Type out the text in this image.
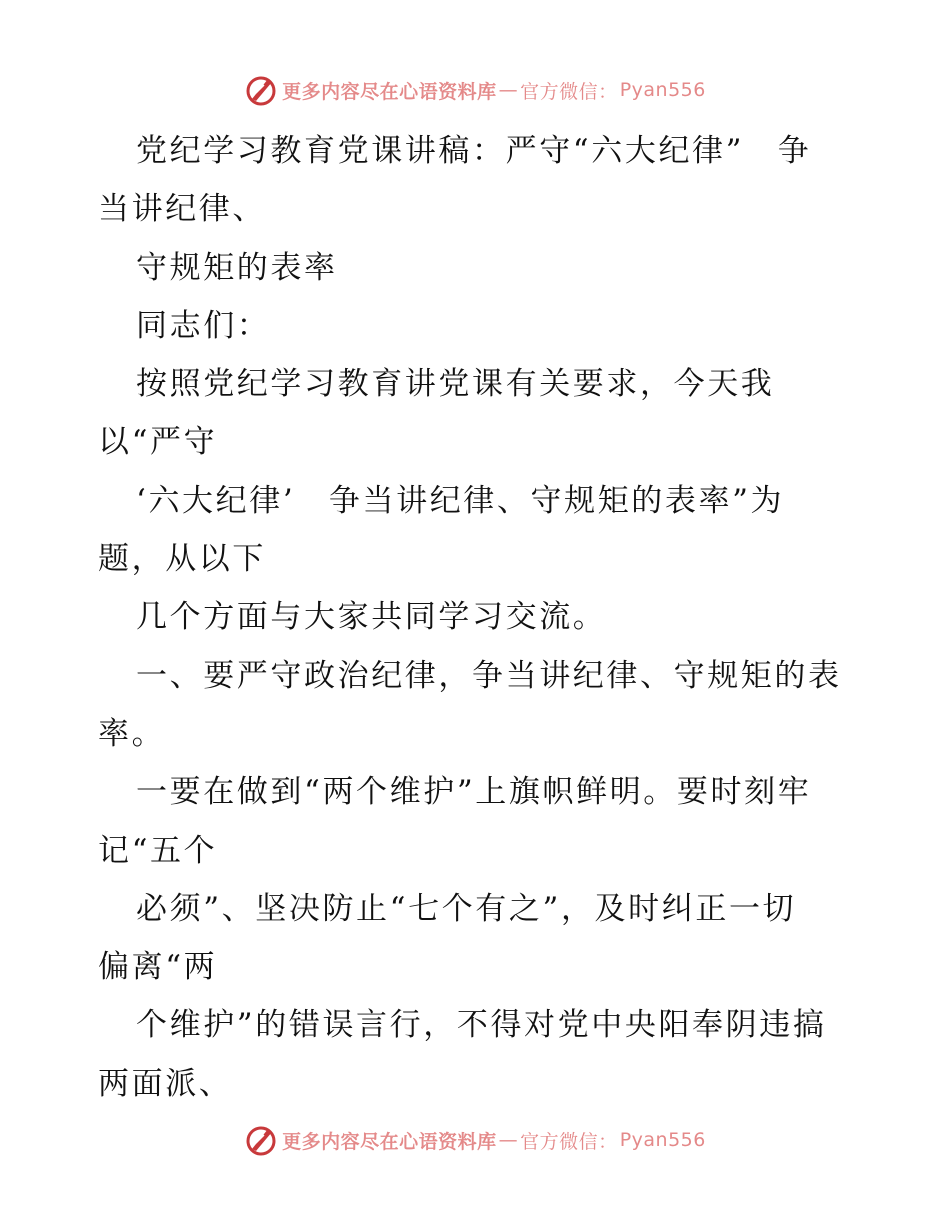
更多内容尽在心语资料库 — 官方微信： Pyan556
党纪学习教育党课讲稿：严守“六大纪律”　争
当讲纪律、
守规矩的表率
同志们：
按照党纪学习教育讲党课有关要求，今天我
以“严守
‘六大纪律’　争当讲纪律、守规矩的表率”为
题，从以下
几个方面与大家共同学习交流。
一、要严守政治纪律，争当讲纪律、守规矩的表
率。
一要在做到“两个维护”上旗帜鲜明。要时刻牢
记“五个
必须”、坚决防止“七个有之”，及时纠正一切
偏离“两
个维护”的错误言行，不得对党中央阳奉阴违搞
两面派、
更多内容尽在心语资料库 — 官方微信： Pyan556
